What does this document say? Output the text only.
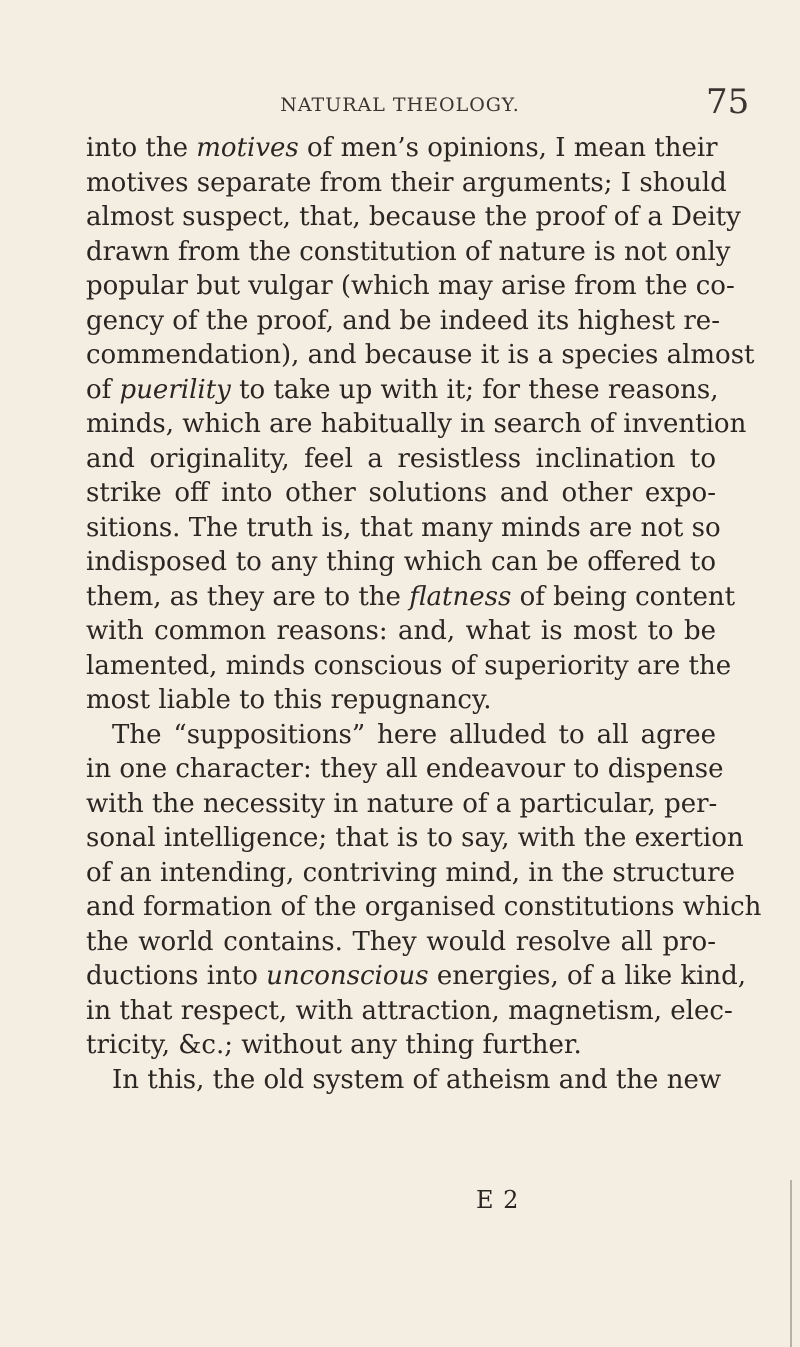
NATURAL THEOLOGY.	75
into the motives of men’s opinions, I mean their
motives separate from their arguments; I should
almost suspect, that, because the proof of a Deity
drawn from the constitution of nature is not only
popular but vulgar (which may arise from the co-
gency of the proof, and be indeed its highest re-
commendation), and because it is a species almost
of puerility to take up with it; for these reasons,
minds, which are habitually in search of invention
and originality, feel a resistless inclination to
strike off into other solutions and other expo-
sitions. The truth is, that many minds are not so
indisposed to any thing which can be offered to
them, as they are to the flatness of being content
with common reasons: and, what is most to be
lamented, minds conscious of superiority are the
most liable to this repugnancy.
The “suppositions” here alluded to all agree
in one character: they all endeavour to dispense
with the necessity in nature of a particular, per-
sonal intelligence; that is to say, with the exertion
of an intending, contriving mind, in the structure
and formation of the organised constitutions which
the world contains. They would resolve all pro-
ductions into unconscious energies, of a like kind,
in that respect, with attraction, magnetism, elec-
tricity, &c.; without any thing further.
In this, the old system of atheism and the new
E 2
